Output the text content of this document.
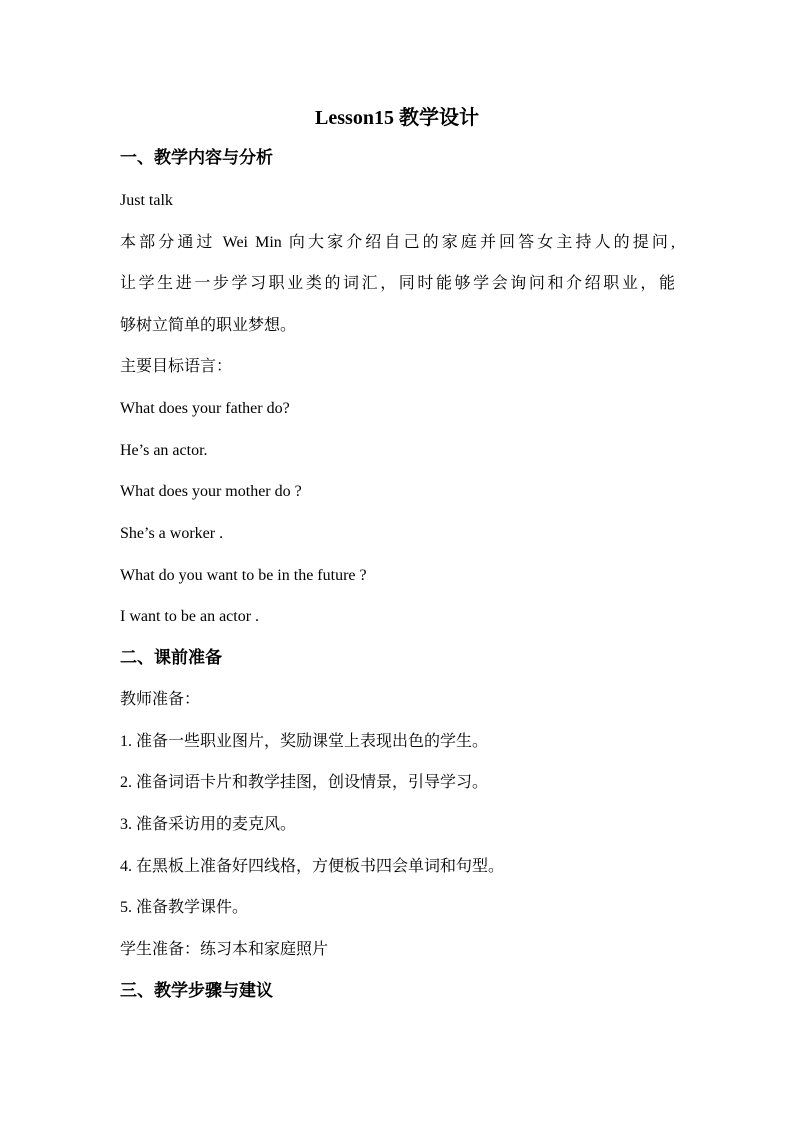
Lesson15 教学设计
一、教学内容与分析
Just talk
本部分通过 Wei Min 向大家介绍自己的家庭并回答女主持人的提问,
让学生进一步学习职业类的词汇，同时能够学会询问和介绍职业，能
够树立简单的职业梦想。
主要目标语言：
What does your father do?
He’s an actor.
What does your mother do ?
She’s a worker .
What do you want to be in the future ?
I want to be an actor .
二、课前准备
教师准备：
1. 准备一些职业图片，奖励课堂上表现出色的学生。
2. 准备词语卡片和教学挂图，创设情景，引导学习。
3. 准备采访用的麦克风。
4. 在黑板上准备好四线格，方便板书四会单词和句型。
5. 准备教学课件。
学生准备：练习本和家庭照片
三、教学步骤与建议
